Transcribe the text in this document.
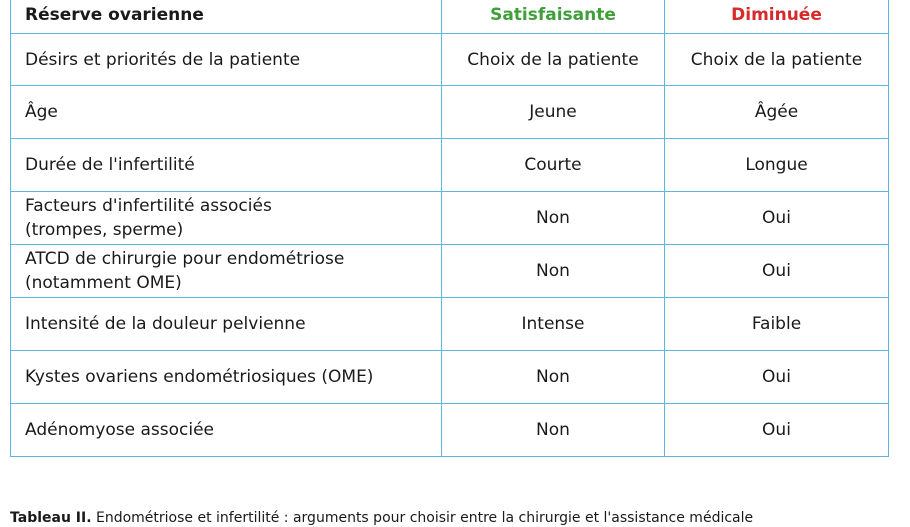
Réserve ovarienne	Satisfaisante	Diminuée
Désirs et priorités de la patiente	Choix de la patiente	Choix de la patiente
Âge	Jeune	Âgée
Durée de l'infertilité	Courte	Longue
Facteurs d'infertilité associés
(trompes, sperme)	Non	Oui
ATCD de chirurgie pour endométriose
(notamment OME)	Non	Oui
Intensité de la douleur pelvienne	Intense	Faible
Kystes ovariens endométriosiques (OME)	Non	Oui
Adénomyose associée	Non	Oui
Tableau II. Endométriose et infertilité : arguments pour choisir entre la chirurgie et l'assistance médicale
